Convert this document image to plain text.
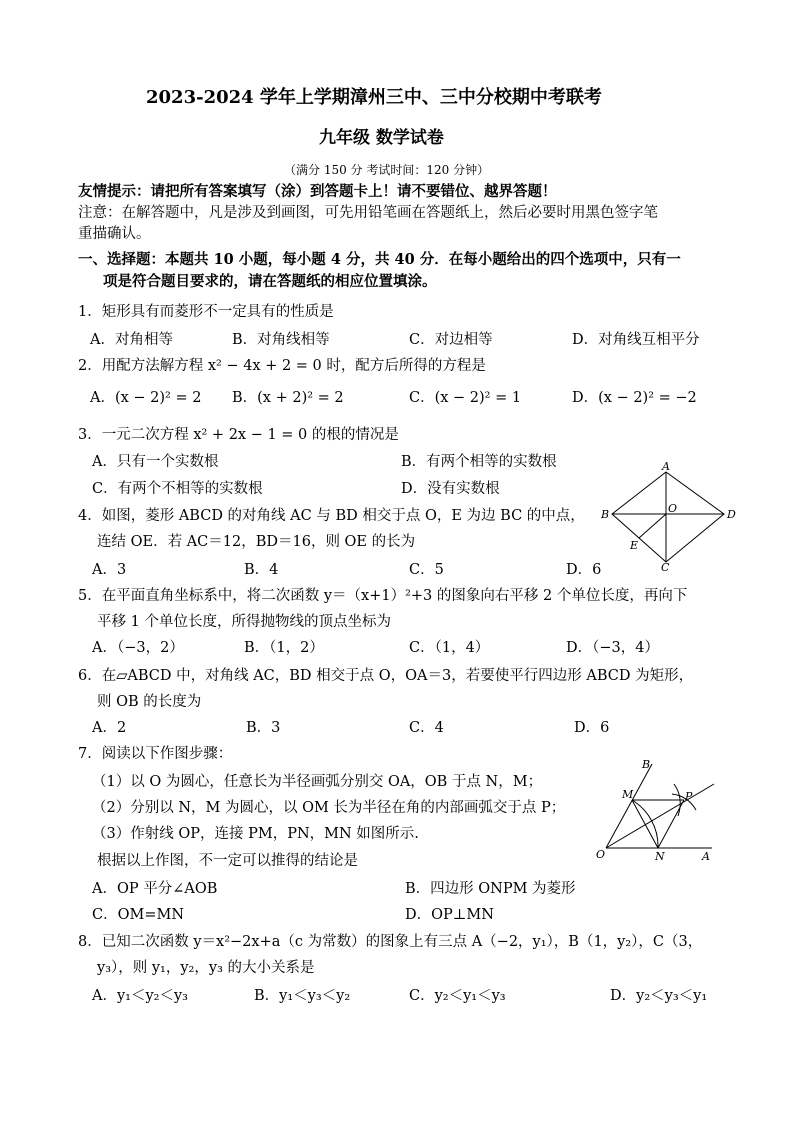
2023-2024 学年上学期漳州三中、三中分校期中考联考
九年级 数学试卷
（满分 150 分 考试时间：120 分钟）
友情提示：请把所有答案填写（涂）到答题卡上！请不要错位、越界答题！
注意：在解答题中，凡是涉及到画图，可先用铅笔画在答题纸上，然后必要时用黑色签字笔
重描确认。
一、选择题：本题共 10 小题，每小题 4 分，共 40 分．在每小题给出的四个选项中，只有一
项是符合题目要求的，请在答题纸的相应位置填涂。
1．矩形具有而菱形不一定具有的性质是
A．对角相等	B．对角线相等	C．对边相等	D．对角线互相平分
2．用配方法解方程 x² − 4x + 2 = 0 时，配方后所得的方程是
A．(x − 2)² = 2 B．(x + 2)² = 2	C．(x − 2)² = 1	D．(x − 2)² = −2
3．一元二次方程 x² + 2x − 1 = 0 的根的情况是
A．只有一个实数根	B．有两个相等的实数根
C．有两个不相等的实数根	D．没有实数根
A
B	O	D
E
C
4．如图，菱形 ABCD 的对角线 AC 与 BD 相交于点 O，E 为边 BC 的中点，
连结 OE．若 AC＝12，BD＝16，则 OE 的长为
A．3	B．4	C．5	D．6
5．在平面直角坐标系中，将二次函数 y＝（x+1）²+3 的图象向右平移 2 个单位长度，再向下
平移 1 个单位长度，所得抛物线的顶点坐标为
A．（−3，2）	B．（1，2）	C．（1，4）	D．（−3，4）
6．在▱ABCD 中，对角线 AC，BD 相交于点 O，OA＝3，若要使平行四边形 ABCD 为矩形，
则 OB 的长度为
A．2	B．3	C．4	D．6
7．阅读以下作图步骤：
（1）以 O 为圆心，任意长为半径画弧分别交 OA，OB 于点 N，M；
（2）分别以 N，M 为圆心，以 OM 长为半径在角的内部画弧交于点 P；
（3）作射线 OP，连接 PM，PN，MN 如图所示.
根据以上作图，不一定可以推得的结论是
B
M	P
O	N	A
A．OP 平分∠AOB	B．四边形 ONPM 为菱形
C．OM=MN	D．OP⊥MN
8．已知二次函数 y＝x²−2x+a（c 为常数）的图象上有三点 A（−2，y₁），B（1，y₂），C（3，
y₃），则 y₁，y₂，y₃ 的大小关系是
A．y₁＜y₂＜y₃	B．y₁＜y₃＜y₂	C．y₂＜y₁＜y₃	D．y₂＜y₃＜y₁
